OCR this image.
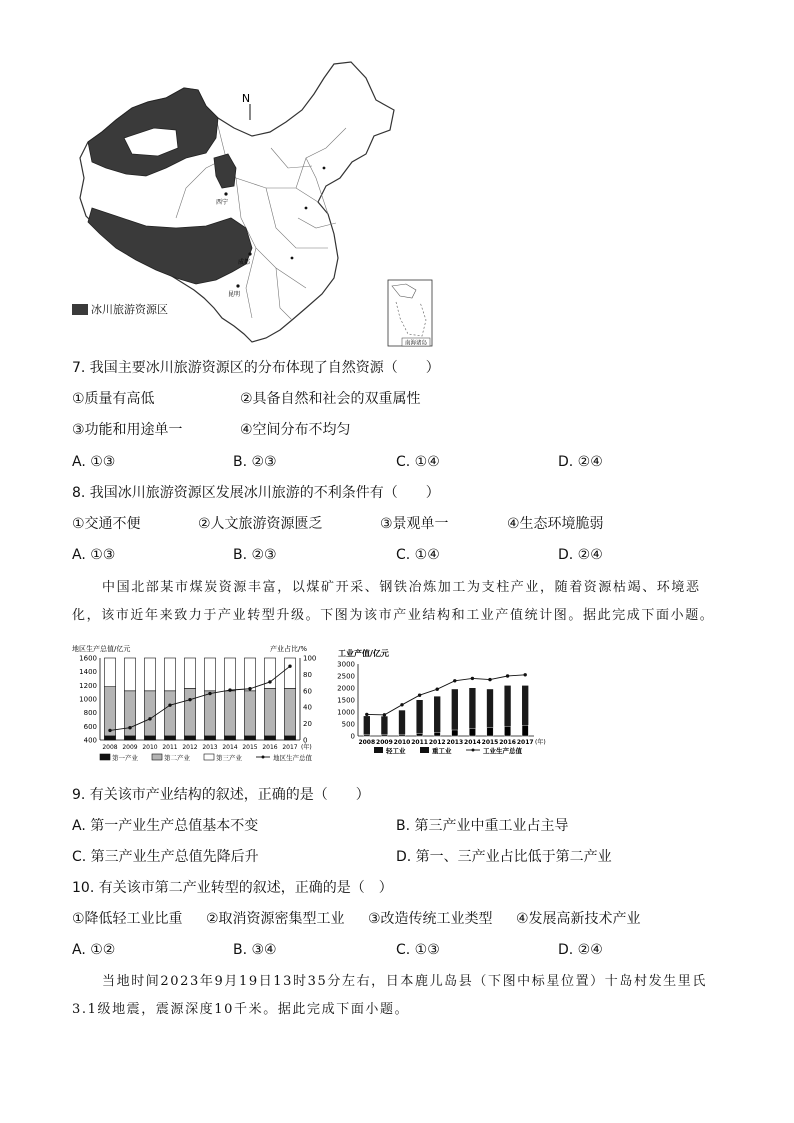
N
西宁
成都
昆明
南海诸岛
冰川旅游资源区
7. 我国主要冰川旅游资源区的分布体现了自然资源（　　）
①质量有高低	②具备自然和社会的双重属性
③功能和用途单一	④空间分布不均匀
A. ①③	B. ②③	C. ①④	D. ②④
8. 我国冰川旅游资源区发展冰川旅游的不利条件有（　　）
①交通不便	②人文旅游资源匮乏	③景观单一	④生态环境脆弱
A. ①③	B. ②③	C. ①④	D. ②④
中国北部某市煤炭资源丰富，以煤矿开采、钢铁冶炼加工为支柱产业，随着资源枯竭、环境恶化，该市近年来致力于产业转型升级。下图为该市产业结构和工业产值统计图。据此完成下面小题。
地区生产总值/亿元	产业占比/%
400
600
800
1000
1200
1400
1600
0
20
40
60
80
100
2008 2009 2010 2011 2012 2013 2014 2015 2016 2017 (年)
第一产业	第二产业	第三产业	地区生产总值
工业产值/亿元
0
500
1000
1500
2000
2500
3000
2008 2009 2010 2011 2012 2013 2014 2015 2016 2017 (年)
轻工业	重工业	工业生产总值
9. 有关该市产业结构的叙述，正确的是（　　）
A. 第一产业生产总值基本不变	B. 第三产业中重工业占主导
C. 第三产业生产总值先降后升	D. 第一、三产业占比低于第二产业
10. 有关该市第二产业转型的叙述，正确的是（　）
①降低轻工业比重 ②取消资源密集型工业 ③改造传统工业类型 ④发展高新技术产业
A. ①②	B. ③④	C. ①③	D. ②④
当地时间2023年9月19日13时35分左右，日本鹿儿岛县（下图中标星位置）十岛村发生里氏3.1级地震，震源深度10千米。据此完成下面小题。
